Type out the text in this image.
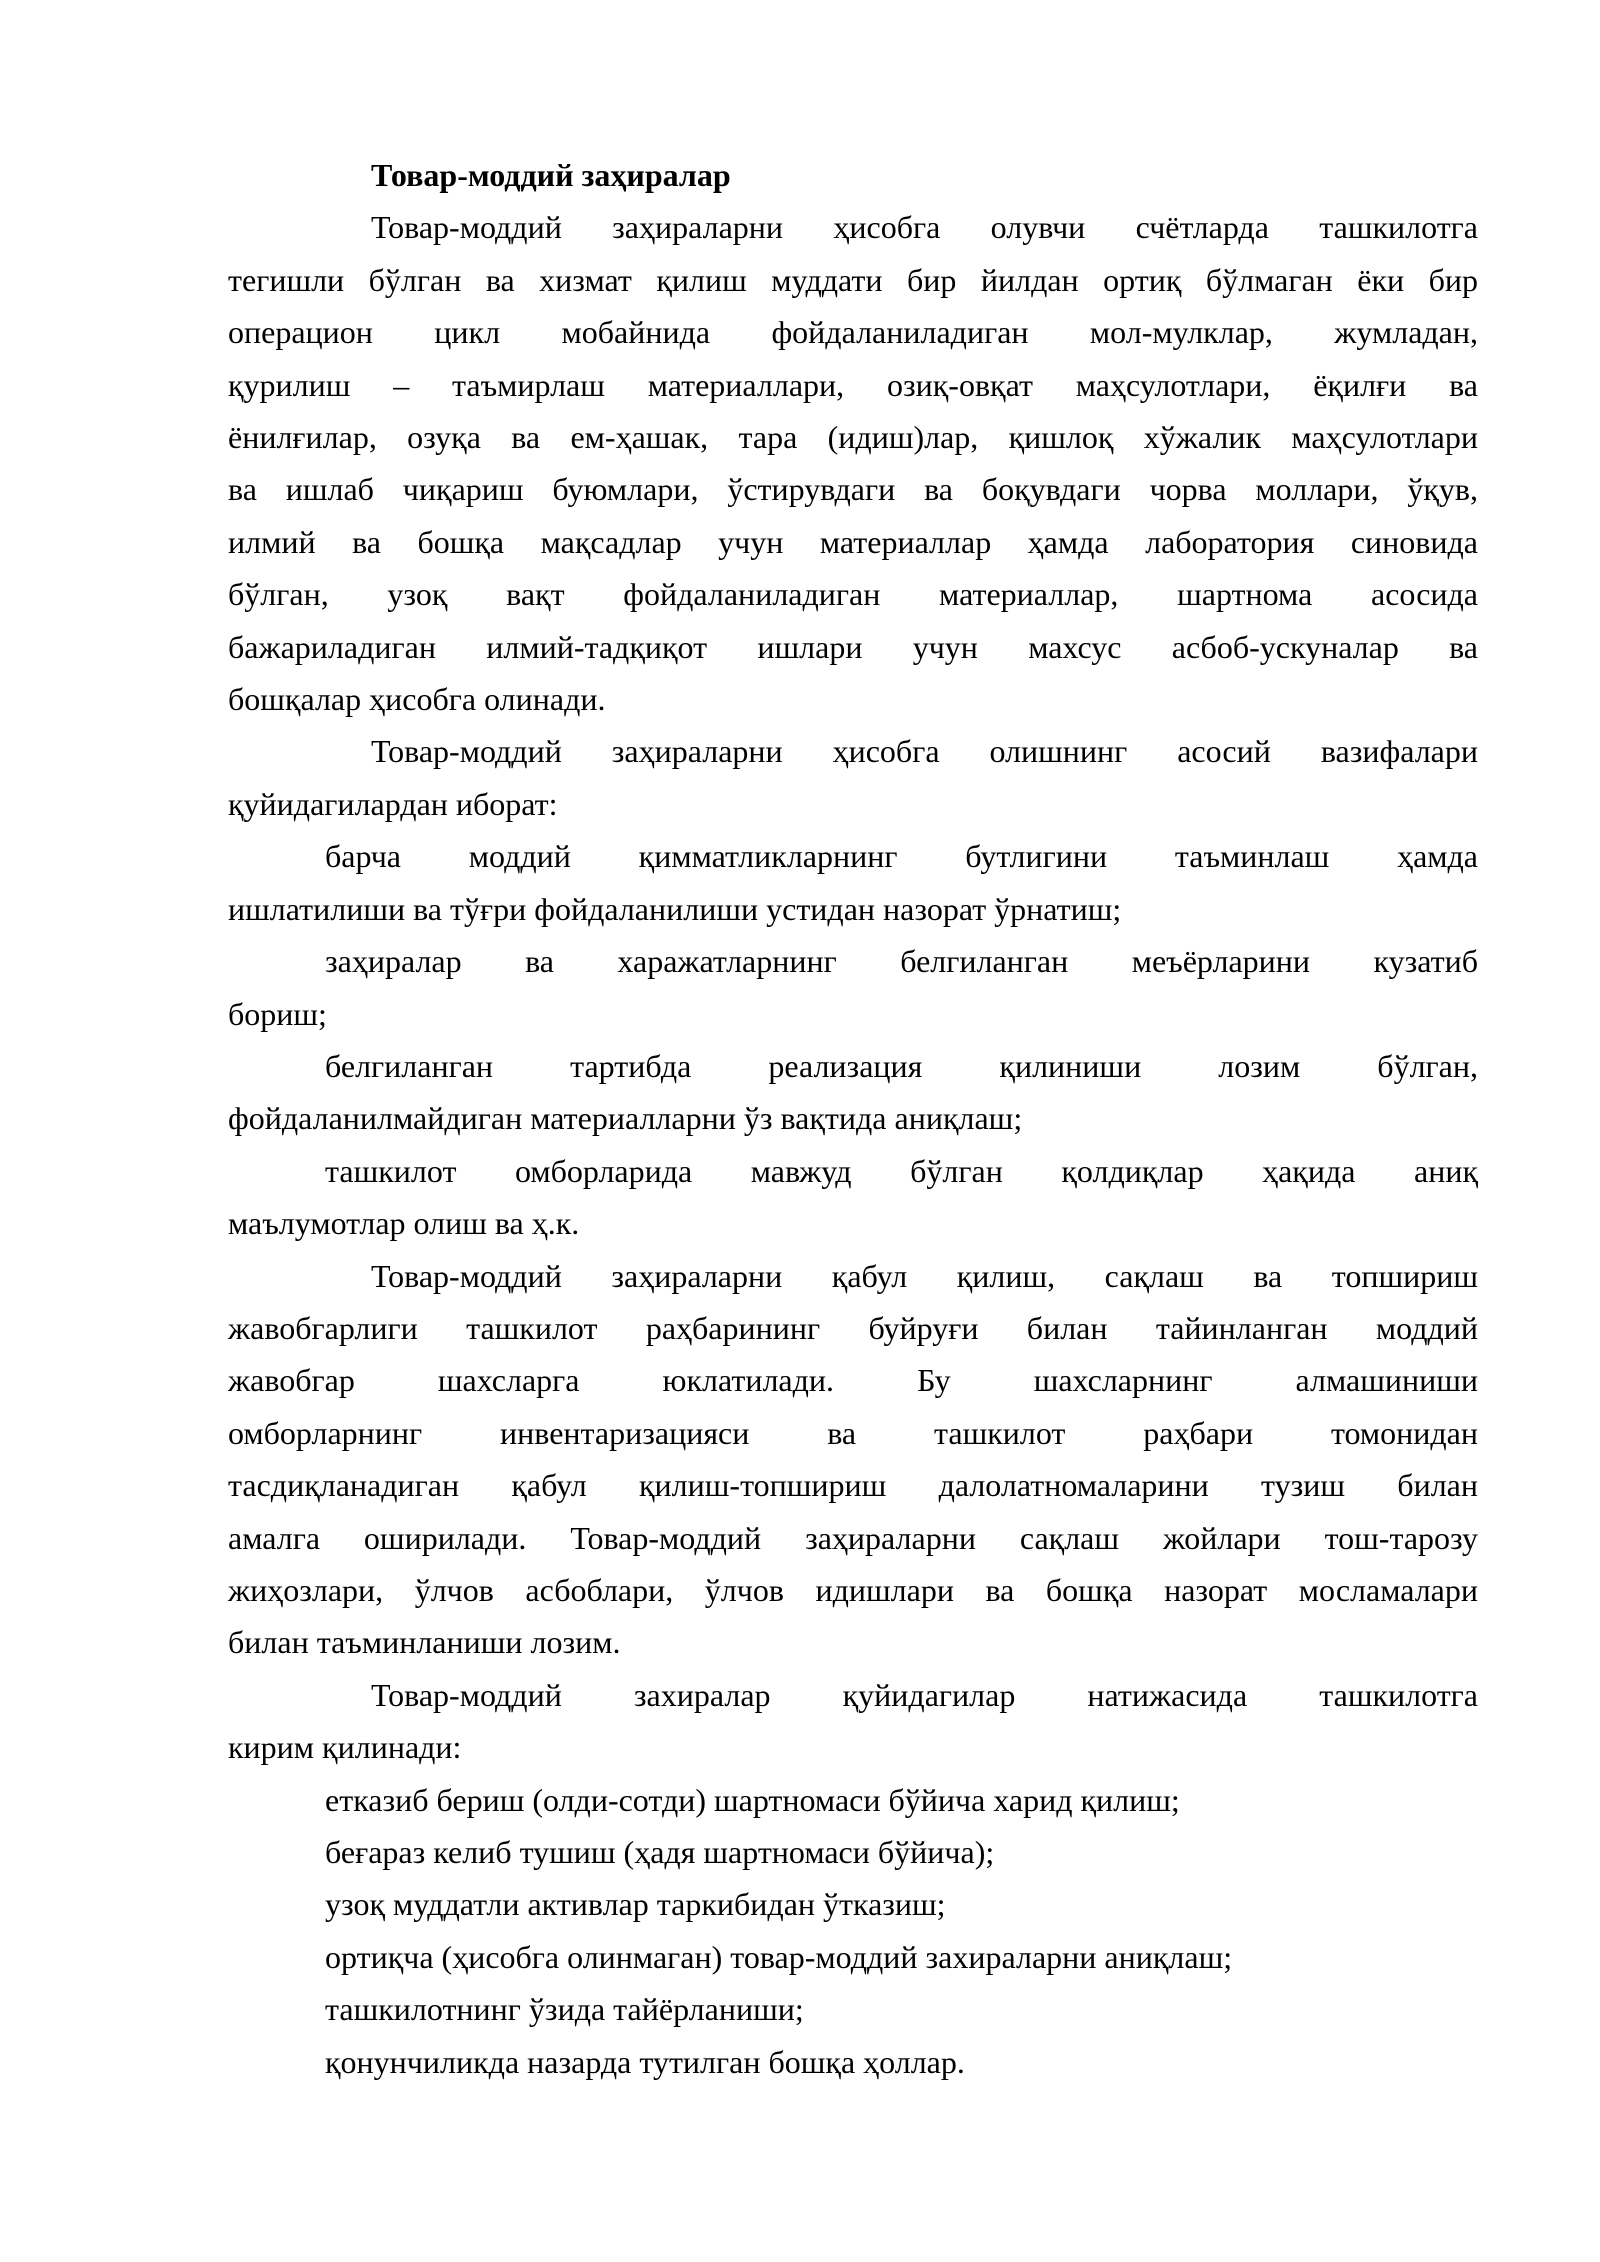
Товар-моддий заҳиралар
Товар-моддий заҳираларни ҳисобга олувчи счётларда ташкилотга
тегишли бўлган ва хизмат қилиш муддати бир йилдан ортиқ бўлмаган ёки бир
операцион цикл мобайнида фойдаланиладиган мол-мулклар, жумладан,
қурилиш – таъмирлаш материаллари, озиқ-овқат маҳсулотлари, ёқилғи ва
ёнилғилар, озуқа ва ем-ҳашак, тара (идиш)лар, қишлоқ хўжалик маҳсулотлари
ва ишлаб чиқариш буюмлари, ўстирувдаги ва боқувдаги чорва моллари, ўқув,
илмий ва бошқа мақсадлар учун материаллар ҳамда лаборатория синовида
бўлган, узоқ вақт фойдаланиладиган материаллар, шартнома асосида
бажариладиган илмий-тадқиқот ишлари учун махсус асбоб-ускуналар ва
бошқалар ҳисобга олинади.
Товар-моддий заҳираларни ҳисобга олишнинг асосий вазифалари
қуйидагилардан иборат:
барча моддий қимматликларнинг бутлигини таъминлаш ҳамда
ишлатилиши ва тўғри фойдаланилиши устидан назорат ўрнатиш;
заҳиралар ва харажатларнинг белгиланган меъёрларини кузатиб
бориш;
белгиланган тартибда реализация қилиниши лозим бўлган,
фойдаланилмайдиган материалларни ўз вақтида аниқлаш;
ташкилот омборларида мавжуд бўлган қолдиқлар ҳақида аниқ
маълумотлар олиш ва ҳ.к.
Товар-моддий заҳираларни қабул қилиш, сақлаш ва топшириш
жавобгарлиги ташкилот раҳбарининг буйруғи билан тайинланган моддий
жавобгар шахсларга юклатилади. Бу шахсларнинг алмашиниши
омборларнинг инвентаризацияси ва ташкилот раҳбари томонидан
тасдиқланадиган қабул қилиш-топшириш далолатномаларини тузиш билан
амалга оширилади. Товар-моддий заҳираларни сақлаш жойлари тош-тарозу
жиҳозлари, ўлчов асбоблари, ўлчов идишлари ва бошқа назорат мосламалари
билан таъминланиши лозим.
Товар-моддий захиралар қуйидагилар натижасида ташкилотга
кирим қилинади:
етказиб бериш (олди-сотди) шартномаси бўйича харид қилиш;
беғараз келиб тушиш (ҳадя шартномаси бўйича);
узоқ муддатли активлар таркибидан ўтказиш;
ортиқча (ҳисобга олинмаган) товар-моддий захираларни аниқлаш;
ташкилотнинг ўзида тайёрланиши;
қонунчиликда назарда тутилган бошқа ҳоллар.
